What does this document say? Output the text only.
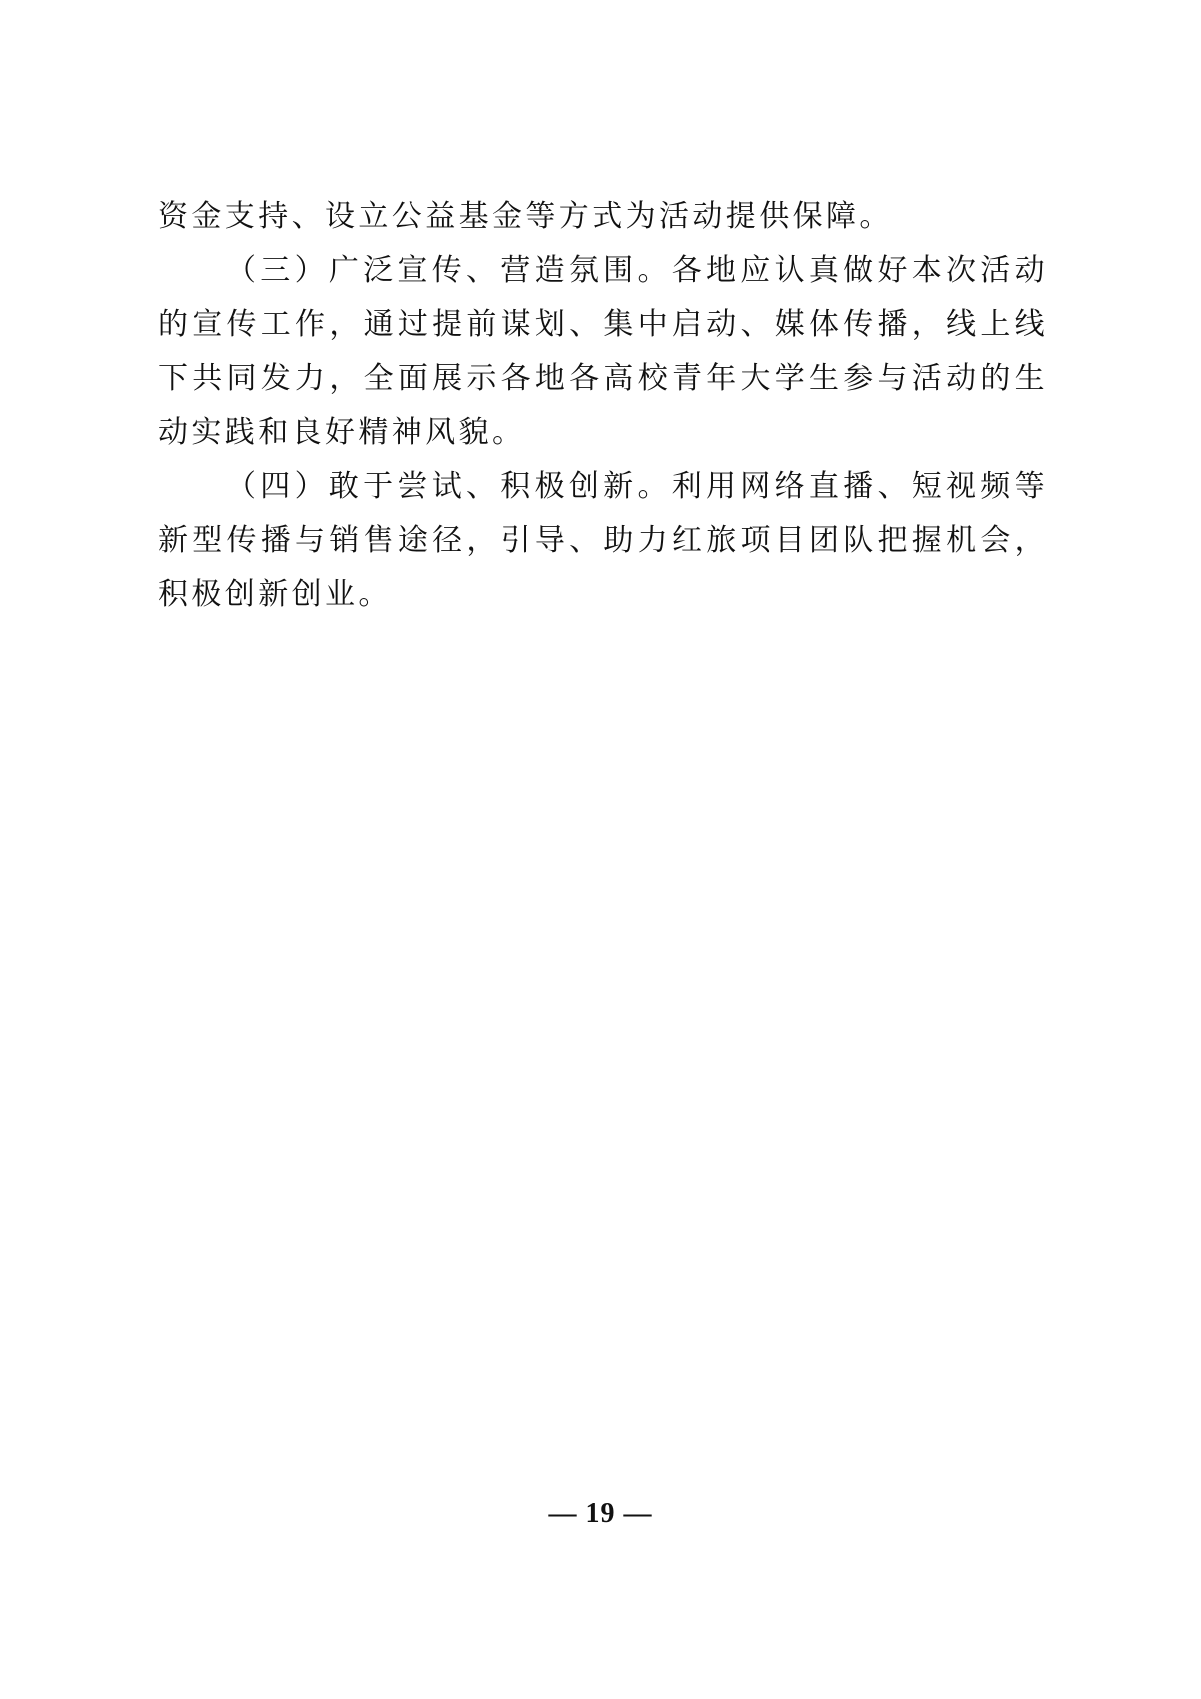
资金支持、设立公益基金等方式为活动提供保障。

（三）广泛宣传、营造氛围。各地应认真做好本次活动的宣传工作，通过提前谋划、集中启动、媒体传播，线上线下共同发力，全面展示各地各高校青年大学生参与活动的生动实践和良好精神风貌。

（四）敢于尝试、积极创新。利用网络直播、短视频等新型传播与销售途径，引导、助力红旅项目团队把握机会，积极创新创业。

— 19 —
